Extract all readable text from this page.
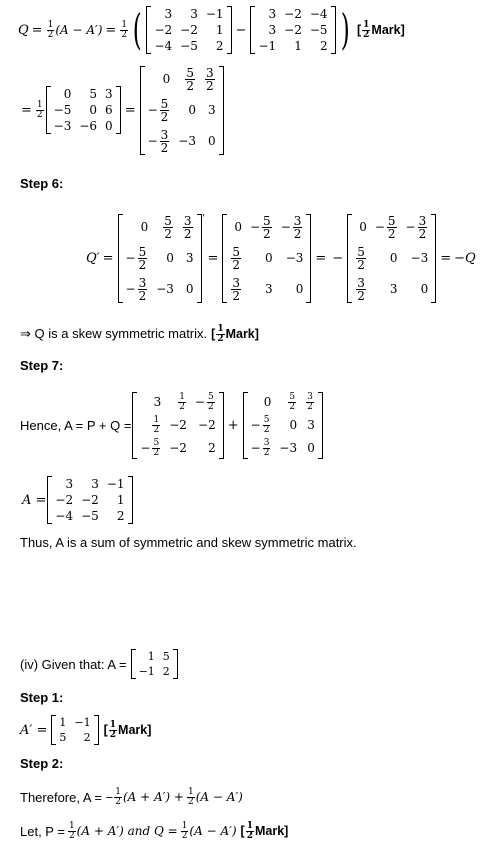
$Q = \frac{1}{2} (A - A') = \frac{1}{2}$ (	3	3 −1
−2 −2	1
−4 −5	2
−
3 −2 −4
3 −2 −5
−1	1	2 ) [ $\frac{1}{2}$ Mark]
= $\frac{1}{2}$
0	5 3
−5	0 6
−3 −6 0
=
$0 \frac{5}{2} \frac{3}{2}$
− $\frac{5}{2}$	0	3
− $\frac{3}{2} -3$	0
Step 6:
Q′ =
$0 \frac{5}{2} \frac{3}{2}$
− $\frac{5}{2}$	0	3
− $\frac{3}{2} -3$	0
′
=
$0 - \frac{5}{2} - \frac{3}{2}$
$\frac{5}{2}$	0	−3
$\frac{3}{2}$	3	0
= −
$0 - \frac{5}{2} - \frac{3}{2}$
$\frac{5}{2}$	0	−3
$\frac{3}{2}$	3	0
= −Q
⇒ Q is a skew symmetric matrix. [ $\frac{1}{2}$ Mark]
Step 7:
Hence, A = P + Q =
$3 \frac{1}{2} - \frac{5}{2}$
$\frac{1}{2} -2 -2$
− $\frac{5}{2} -2$	2
+
$0 \frac{5}{2} \frac{3}{2}$
− $\frac{5}{2}$	0 3
− $\frac{3}{2} -3$ 0
A =
3	3 −1
−2 −2	1
−4 −5	2
Thus, A is a sum of symmetric and skew symmetric matrix.
(iv) Given that: A =	1 5
−1 2
Step 1:
A′ = 1 −1
5	2
[ $\frac{1}{2}$ Mark]
Step 2:
Therefore, A = − $\frac{1}{2} (A + A') + \frac{1}{2} (A - A')$
Let, $P = \frac{1}{2} (A + A')$ and $Q = \frac{1}{2} (A - A')$ [ $\frac{1}{2}$ Mark]
